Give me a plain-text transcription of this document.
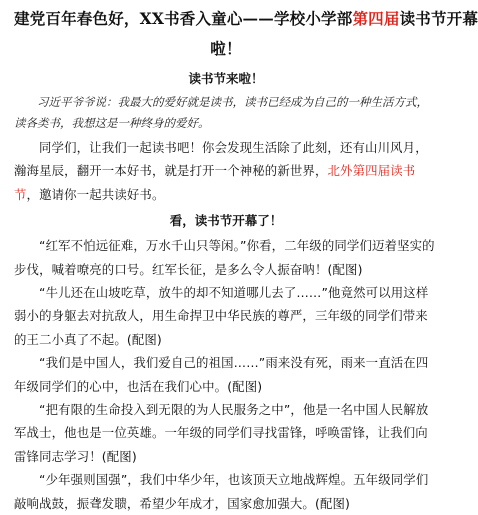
建党百年春色好，XX书香入童心——学校小学部第四届读书节开幕
啦！
读书节来啦！

习近平爷爷说：我最大的爱好就是读书，读书已经成为自己的一种生活方式，读各类书，我想这是一种终身的爱好。

同学们，让我们一起读书吧！你会发现生活除了此刻，还有山川风月，瀚海星辰，翻开一本好书，就是打开一个神秘的新世界，北外第四届读书节，邀请你一起共读好书。

看，读书节开幕了！

“红军不怕远征难，万水千山只等闲。”你看，二年级的同学们迈着坚实的步伐，喊着嘹亮的口号。红军长征，是多么令人振奋呐！(配图)

“牛儿还在山坡吃草，放牛的却不知道哪儿去了……”他竟然可以用这样弱小的身躯去对抗敌人，用生命捍卫中华民族的尊严，三年级的同学们带来的王二小真了不起。(配图)

“我们是中国人，我们爱自己的祖国……”雨来没有死，雨来一直活在四年级同学们的心中，也活在我们心中。(配图)

“把有限的生命投入到无限的为人民服务之中”，他是一名中国人民解放军战士，他也是一位英雄。一年级的同学们寻找雷锋，呼唤雷锋，让我们向雷锋同志学习！(配图)

“少年强则国强”，我们中华少年，也该顶天立地战辉煌。五年级同学们敲响战鼓，振聋发聩，希望少年成才，国家愈加强大。(配图)
